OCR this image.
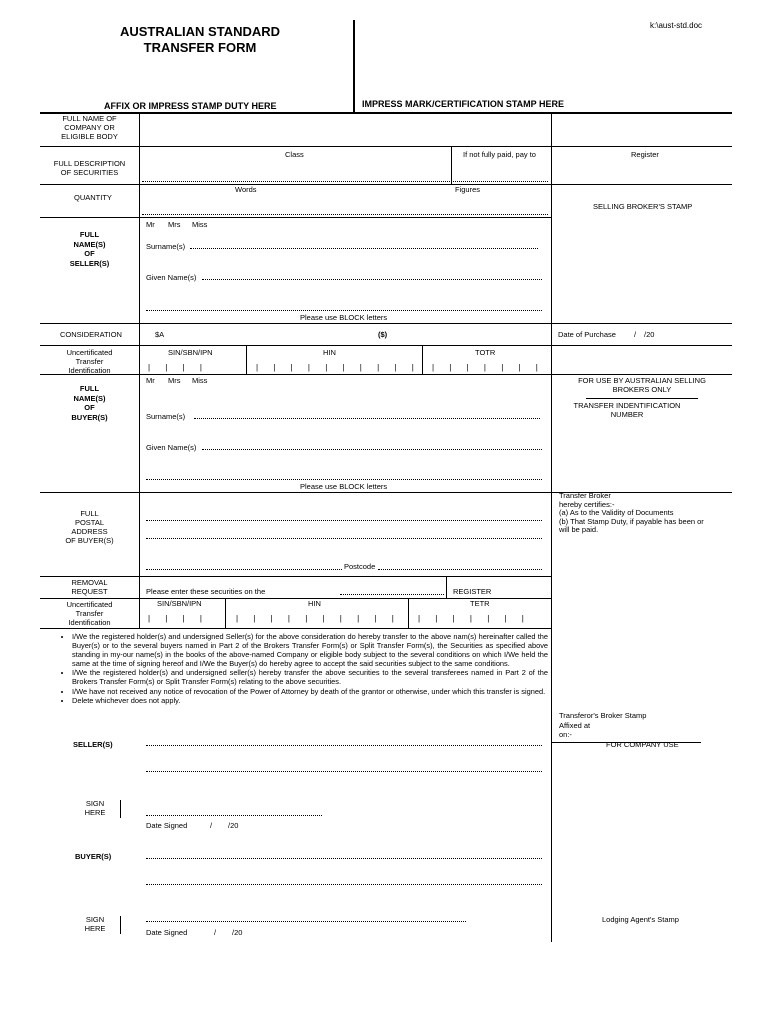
k:\aust-std.doc
AUSTRALIAN STANDARD
TRANSFER FORM
AFFIX OR IMPRESS STAMP DUTY HERE	IMPRESS MARK/CERTIFICATION STAMP HERE
FULL NAME OF
COMPANY OR
ELIGIBLE BODY
FULL DESCRIPTION
OF SECURITIES
Class	If not fully paid, pay to	Register
QUANTITY
Words	Figures
SELLING BROKER'S STAMP
FULL
NAME(S)
OF
SELLER(S)
Mr Mrs Miss
Surname(s)
Given Name(s)
Please use BLOCK letters
CONSIDERATION	$A	($)	Date of Purchase / /20
Uncertificated
Transfer
Identification
SIN/SBN/IPN	HIN	TOTR
| | | |	| | | | | | | | | | | | | | | | |
FULL
NAME(S)
OF
BUYER(S)
Mr Mrs Miss
Surname(s)
Given Name(s)
Please use BLOCK letters
FOR USE BY AUSTRALIAN SELLING
BROKERS ONLY
TRANSFER INDENTIFICATION
NUMBER
FULL
POSTAL
ADDRESS
OF BUYER(S)
Postcode
Transfer Broker
hereby certifies:-
(a) As to the Validity of Documents
(b) That Stamp Duty, if payable has been or
will be paid.
REMOVAL
REQUEST	Please enter these securities on the	REGISTER
Uncertificated
Transfer
Identification
SIN/SBN/IPN	HIN	TETR
| | | |	| | | | | | | | | | | | | | | | |
• I/We the registered holder(s) and undersigned Seller(s) for the above consideration do hereby transfer to the above nam(s) hereinafter called the Buyer(s) or to the several buyers named in Part 2 of the Brokers Transfer Form(s) or Split Transfer Form(s), the Securities as specified above standing in my-our name(s) in the books of the above-named Company or eligible body subject to the several conditions on which I/We held the same at the time of signing hereof and I/We the Buyer(s) do hereby agree to accept the said securities subject to the same conditions.
• I/We the registered holder(s) and undersigned seller(s) hereby transfer the above securities to the several transferees named in Part 2 of the Brokers Transfer Form(s) or Split Transfer Form(s) relating to the above securities.
• I/We have not received any notice of revocation of the Power of Attorney by death of the grantor or otherwise, under which this transfer is signed.
• Delete whichever does not apply.
Transferor's Broker Stamp
Affixed at
on:-
FOR COMPANY USE
SELLER(S)
SIGN
HERE
Date Signed	/ /20
BUYER(S)
SIGN
HERE	Date Signed	/ /20
Lodging Agent's Stamp
